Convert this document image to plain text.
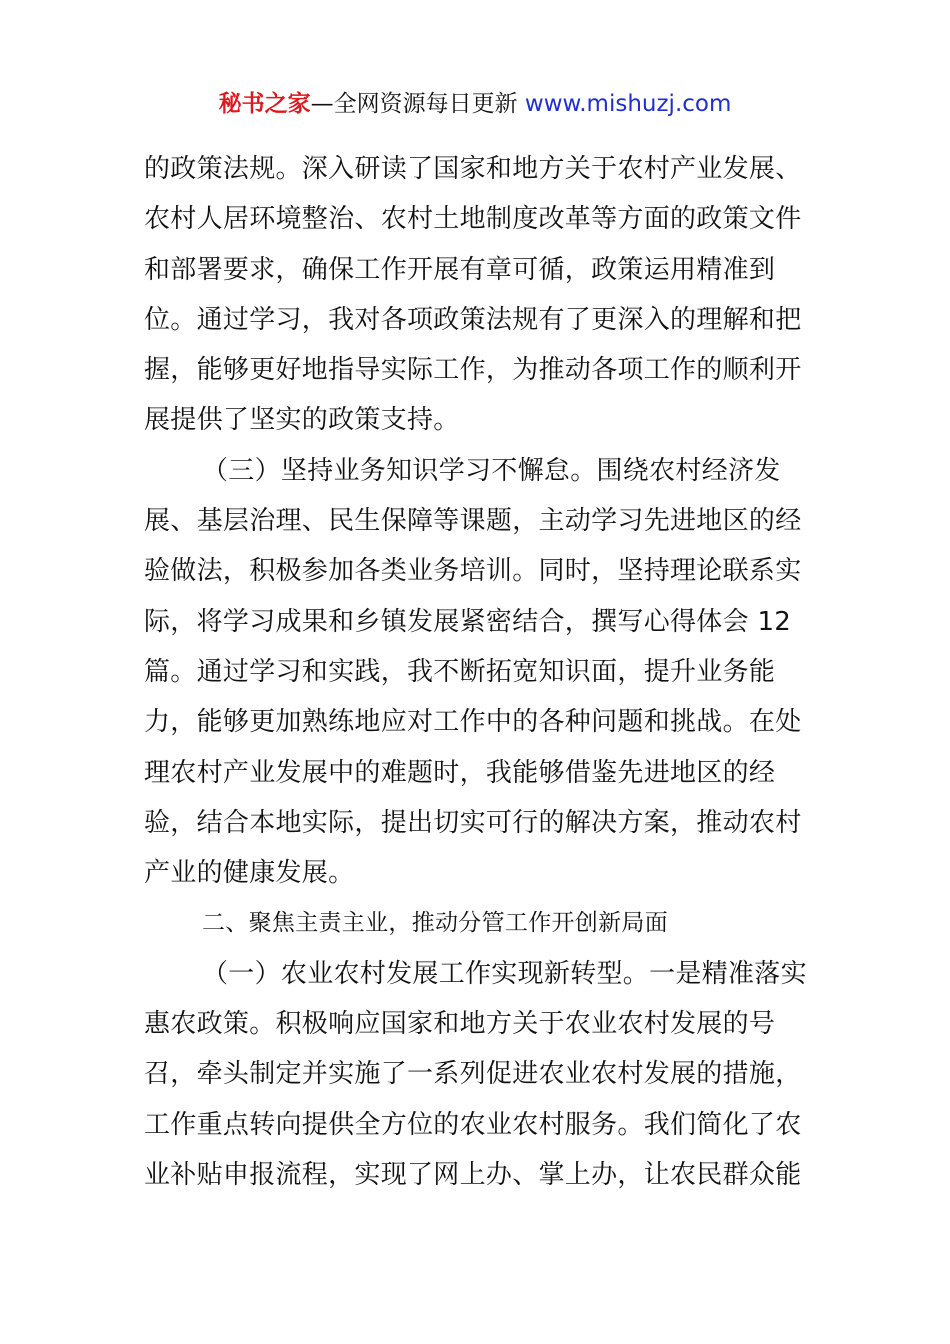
秘书之家—全网资源每日更新 www.mishuzj.com
的政策法规。深入研读了国家和地方关于农村产业发展、
农村人居环境整治、农村土地制度改革等方面的政策文件
和部署要求，确保工作开展有章可循，政策运用精准到
位。通过学习，我对各项政策法规有了更深入的理解和把
握，能够更好地指导实际工作，为推动各项工作的顺利开
展提供了坚实的政策支持。
（三）坚持业务知识学习不懈怠。围绕农村经济发
展、基层治理、民生保障等课题，主动学习先进地区的经
验做法，积极参加各类业务培训。同时，坚持理论联系实
际，将学习成果和乡镇发展紧密结合，撰写心得体会 12
篇。通过学习和实践，我不断拓宽知识面，提升业务能
力，能够更加熟练地应对工作中的各种问题和挑战。在处
理农村产业发展中的难题时，我能够借鉴先进地区的经
验，结合本地实际，提出切实可行的解决方案，推动农村
产业的健康发展。
二、聚焦主责主业，推动分管工作开创新局面
（一）农业农村发展工作实现新转型。一是精准落实
惠农政策。积极响应国家和地方关于农业农村发展的号
召，牵头制定并实施了一系列促进农业农村发展的措施，
工作重点转向提供全方位的农业农村服务。我们简化了农
业补贴申报流程，实现了网上办、掌上办，让农民群众能
